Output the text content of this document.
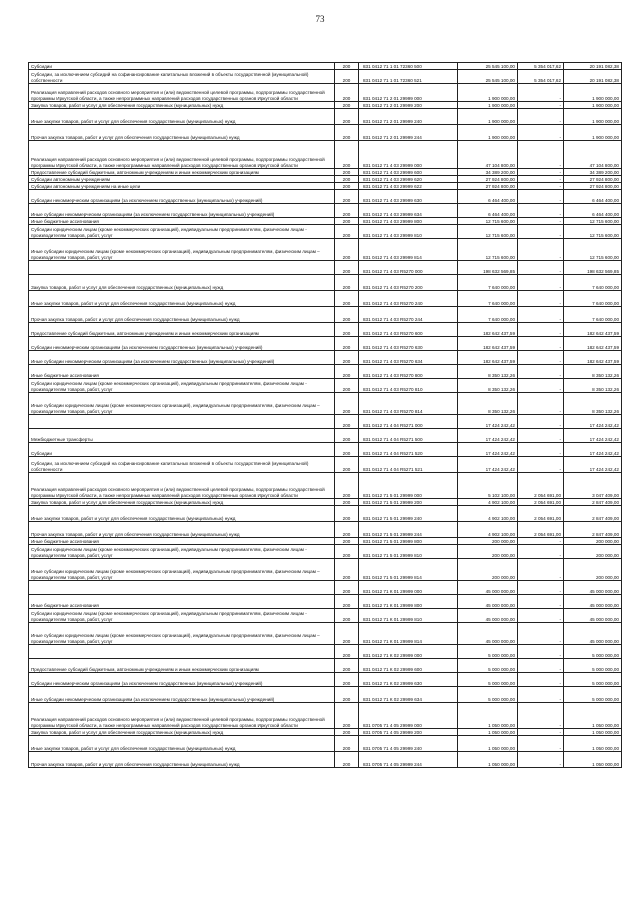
73
Субсидии	200	831 0412 71 1 01 72360 500	25 545 100,00	5 354 017,62	20 191 082,38
Субсидии, за исключением субсидий на софинансирование капитальных вложений в объекты государственной (муниципальной) собственности	200	831 0412 71 1 01 72360 521	25 545 100,00	5 354 017,62	20 191 082,38
Реализация направлений расходов основного мероприятия и (или) ведомственной целевой программы, подпрограммы государственной программы Иркутской области, а также непрограммных направлений расходов государственных органов Иркутской области	200	831 0412 71 2 01 29999 000	1 900 000,00	-	1 900 000,00
Закупка товаров, работ и услуг для обеспечения государственных (муниципальных) нужд	200	831 0412 71 2 01 29999 200	1 900 000,00	-	1 900 000,00
Иные закупки товаров, работ и услуг для обеспечения государственных (муниципальных) нужд	200	831 0412 71 2 01 29999 240	1 900 000,00	-	1 900 000,00
Прочая закупка товаров, работ и услуг для обеспечения государственных (муниципальных) нужд	200	831 0412 71 2 01 29999 244	1 900 000,00	-	1 900 000,00
Реализация направлений расходов основного мероприятия и (или) ведомственной целевой программы, подпрограммы государственной программы Иркутской области, а также непрограммных направлений расходов государственных органов Иркутской области	200	831 0412 71 4 03 29999 000	47 104 800,00	-	47 104 800,00
Предоставление субсидий бюджетным, автономным учреждениям и иным некоммерческим организациям	200	831 0412 71 4 03 29999 600	34 389 200,00	-	34 389 200,00
Субсидии автономным учреждениям	200	831 0412 71 4 03 29999 620	27 924 800,00	-	27 924 800,00
Субсидии автономным учреждениям на иные цели	200	831 0412 71 4 03 29999 622	27 924 800,00	-	27 924 800,00
Субсидии некоммерческим организациям (за исключением государственных (муниципальных) учреждений)	200	831 0412 71 4 03 29999 630	6 464 400,00	-	6 464 400,00
Иные субсидии некоммерческим организациям (за исключением государственных (муниципальных) учреждений)	200	831 0412 71 4 03 29999 634	6 464 400,00	-	6 464 400,00
Иные бюджетные ассигнования	200	831 0412 71 4 03 29999 800	12 715 600,00	-	12 715 600,00
Субсидии юридическим лицам (кроме некоммерческих организаций), индивидуальным предпринимателям, физическим лицам - производителям товаров, работ, услуг	200	831 0412 71 4 03 29999 810	12 715 600,00	-	12 715 600,00
Иные субсидии юридическим лицам (кроме некоммерческих организаций), индивидуальным предпринимателям, физическим лицам – производителям товаров, работ, услуг	200	831 0412 71 4 03 29999 814	12 715 600,00	-	12 715 600,00
	200	831 0412 71 4 03 R5270 000	198 632 569,85	-	198 632 569,85
Закупка товаров, работ и услуг для обеспечения государственных (муниципальных) нужд	200	831 0412 71 4 03 R5270 200	7 640 000,00	-	7 640 000,00
Иные закупки товаров, работ и услуг для обеспечения государственных (муниципальных) нужд	200	831 0412 71 4 03 R5270 240	7 640 000,00	-	7 640 000,00
Прочая закупка товаров, работ и услуг для обеспечения государственных (муниципальных) нужд	200	831 0412 71 4 03 R5270 244	7 640 000,00	-	7 640 000,00
Предоставление субсидий бюджетным, автономным учреждениям и иным некоммерческим организациям	200	831 0412 71 4 03 R5270 600	182 642 437,59	-	182 642 437,59
Субсидии некоммерческим организациям (за исключением государственных (муниципальных) учреждений)	200	831 0412 71 4 03 R5270 630	182 642 437,59	-	182 642 437,59
Иные субсидии некоммерческим организациям (за исключением государственных (муниципальных) учреждений)	200	831 0412 71 4 03 R5270 634	182 642 437,59	-	182 642 437,59
Иные бюджетные ассигнования	200	831 0412 71 4 03 R5270 800	8 350 132,26	-	8 350 132,26
Субсидии юридическим лицам (кроме некоммерческих организаций), индивидуальным предпринимателям, физическим лицам - производителям товаров, работ, услуг	200	831 0412 71 4 03 R5270 810	8 350 132,26	-	8 350 132,26
Иные субсидии юридическим лицам (кроме некоммерческих организаций), индивидуальным предпринимателям, физическим лицам – производителям товаров, работ, услуг	200	831 0412 71 4 03 R5270 814	8 350 132,26	-	8 350 132,26
	200	831 0412 71 4 04 R5271 000	17 424 242,42	-	17 424 242,42
Межбюджетные трансферты	200	831 0412 71 4 04 R5271 500	17 424 242,42	-	17 424 242,42
Субсидии	200	831 0412 71 4 04 R5271 520	17 424 242,42	-	17 424 242,42
Субсидии, за исключением субсидий на софинансирование капитальных вложений в объекты государственной (муниципальной) собственности	200	831 0412 71 4 04 R5271 521	17 424 242,42	-	17 424 242,42
Реализация направлений расходов основного мероприятия и (или) ведомственной целевой программы, подпрограммы государственной программы Иркутской области, а также непрограммных направлений расходов государственных органов Иркутской области	200	831 0412 71 5 01 29999 000	5 102 100,00	2 054 691,00	3 047 409,00
Закупка товаров, работ и услуг для обеспечения государственных (муниципальных) нужд	200	831 0412 71 5 01 29999 200	4 902 100,00	2 054 691,00	2 847 409,00
Иные закупки товаров, работ и услуг для обеспечения государственных (муниципальных) нужд	200	831 0412 71 5 01 29999 240	4 902 100,00	2 054 691,00	2 847 409,00
Прочая закупка товаров, работ и услуг для обеспечения государственных (муниципальных) нужд	200	831 0412 71 5 01 29999 244	4 902 100,00	2 054 691,00	2 847 409,00
Иные бюджетные ассигнования	200	831 0412 71 5 01 29999 800	200 000,00	-	200 000,00
Субсидии юридическим лицам (кроме некоммерческих организаций), индивидуальным предпринимателям, физическим лицам - производителям товаров, работ, услуг	200	831 0412 71 5 01 29999 810	200 000,00	-	200 000,00
Иные субсидии юридическим лицам (кроме некоммерческих организаций), индивидуальным предпринимателям, физическим лицам – производителям товаров, работ, услуг	200	831 0412 71 5 01 29999 814	200 000,00	-	200 000,00
	200	831 0412 71 К 01 29999 000	45 000 000,00	-	45 000 000,00
Иные бюджетные ассигнования	200	831 0412 71 К 01 29999 800	45 000 000,00	-	45 000 000,00
Субсидии юридическим лицам (кроме некоммерческих организаций), индивидуальным предпринимателям, физическим лицам - производителям товаров, работ, услуг	200	831 0412 71 К 01 29999 810	45 000 000,00	-	45 000 000,00
Иные субсидии юридическим лицам (кроме некоммерческих организаций), индивидуальным предпринимателям, физическим лицам – производителям товаров, работ, услуг	200	831 0412 71 К 01 29999 814	45 000 000,00	-	45 000 000,00
	200	831 0412 71 К 02 29999 000	5 000 000,00	-	5 000 000,00
Предоставление субсидий бюджетным, автономным учреждениям и иным некоммерческим организациям	200	831 0412 71 К 02 29999 600	5 000 000,00	-	5 000 000,00
Субсидии некоммерческим организациям (за исключением государственных (муниципальных) учреждений)	200	831 0412 71 К 02 29999 630	5 000 000,00	-	5 000 000,00
Иные субсидии некоммерческим организациям (за исключением государственных (муниципальных) учреждений)	200	831 0412 71 К 02 29999 634	5 000 000,00	-	5 000 000,00
Реализация направлений расходов основного мероприятия и (или) ведомственной целевой программы, подпрограммы государственной программы Иркутской области, а также непрограммных направлений расходов государственных органов Иркутской области	200	831 0705 71 4 05 29999 000	1 050 000,00	-	1 050 000,00
Закупка товаров, работ и услуг для обеспечения государственных (муниципальных) нужд	200	831 0705 71 4 05 29999 200	1 050 000,00	-	1 050 000,00
Иные закупки товаров, работ и услуг для обеспечения государственных (муниципальных) нужд	200	831 0705 71 4 05 29999 240	1 050 000,00	-	1 050 000,00
Прочая закупка товаров, работ и услуг для обеспечения государственных (муниципальных) нужд	200	831 0705 71 4 05 29999 244	1 050 000,00	-	1 050 000,00
